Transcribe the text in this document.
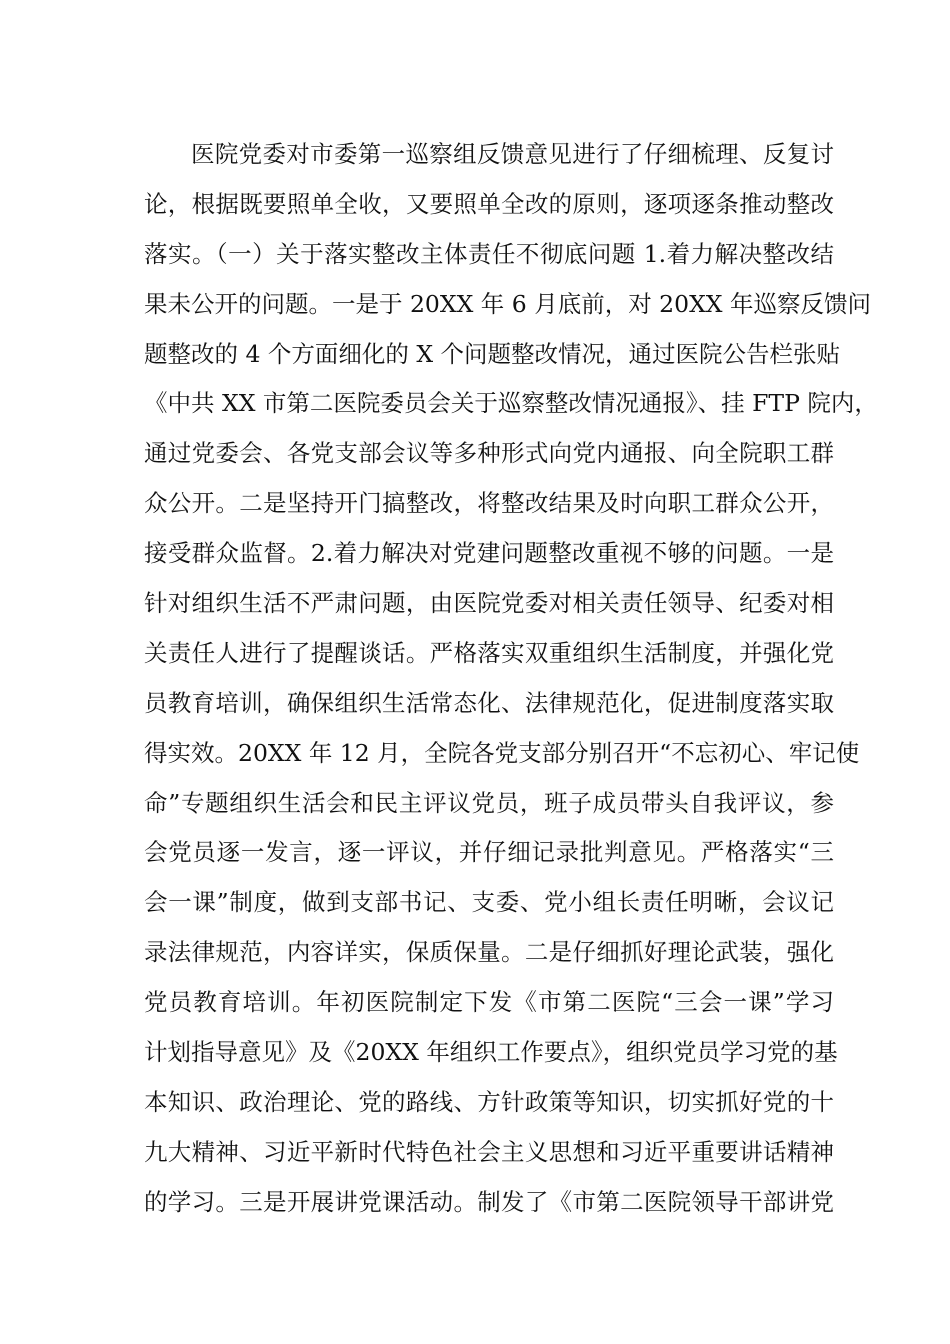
医院党委对市委第一巡察组反馈意见进行了仔细梳理、反复讨
论，根据既要照单全收，又要照单全改的原则，逐项逐条推动整改
落实。（一）关于落实整改主体责任不彻底问题 1.着力解决整改结
果未公开的问题。一是于 20XX 年 6 月底前，对 20XX 年巡察反馈问
题整改的 4 个方面细化的 X 个问题整改情况，通过医院公告栏张贴
《中共 XX 市第二医院委员会关于巡察整改情况通报》、挂 FTP 院内，
通过党委会、各党支部会议等多种形式向党内通报、向全院职工群
众公开。二是坚持开门搞整改，将整改结果及时向职工群众公开，
接受群众监督。2.着力解决对党建问题整改重视不够的问题。一是
针对组织生活不严肃问题，由医院党委对相关责任领导、纪委对相
关责任人进行了提醒谈话。严格落实双重组织生活制度，并强化党
员教育培训，确保组织生活常态化、法律规范化，促进制度落实取
得实效。20XX 年 12 月，全院各党支部分别召开“不忘初心、牢记使
命”专题组织生活会和民主评议党员，班子成员带头自我评议，参
会党员逐一发言，逐一评议，并仔细记录批判意见。严格落实“三
会一课”制度，做到支部书记、支委、党小组长责任明晰，会议记
录法律规范，内容详实，保质保量。二是仔细抓好理论武装，强化
党员教育培训。年初医院制定下发《市第二医院“三会一课”学习
计划指导意见》及《20XX 年组织工作要点》，组织党员学习党的基
本知识、政治理论、党的路线、方针政策等知识，切实抓好党的十
九大精神、习近平新时代特色社会主义思想和习近平重要讲话精神
的学习。三是开展讲党课活动。制发了《市第二医院领导干部讲党
